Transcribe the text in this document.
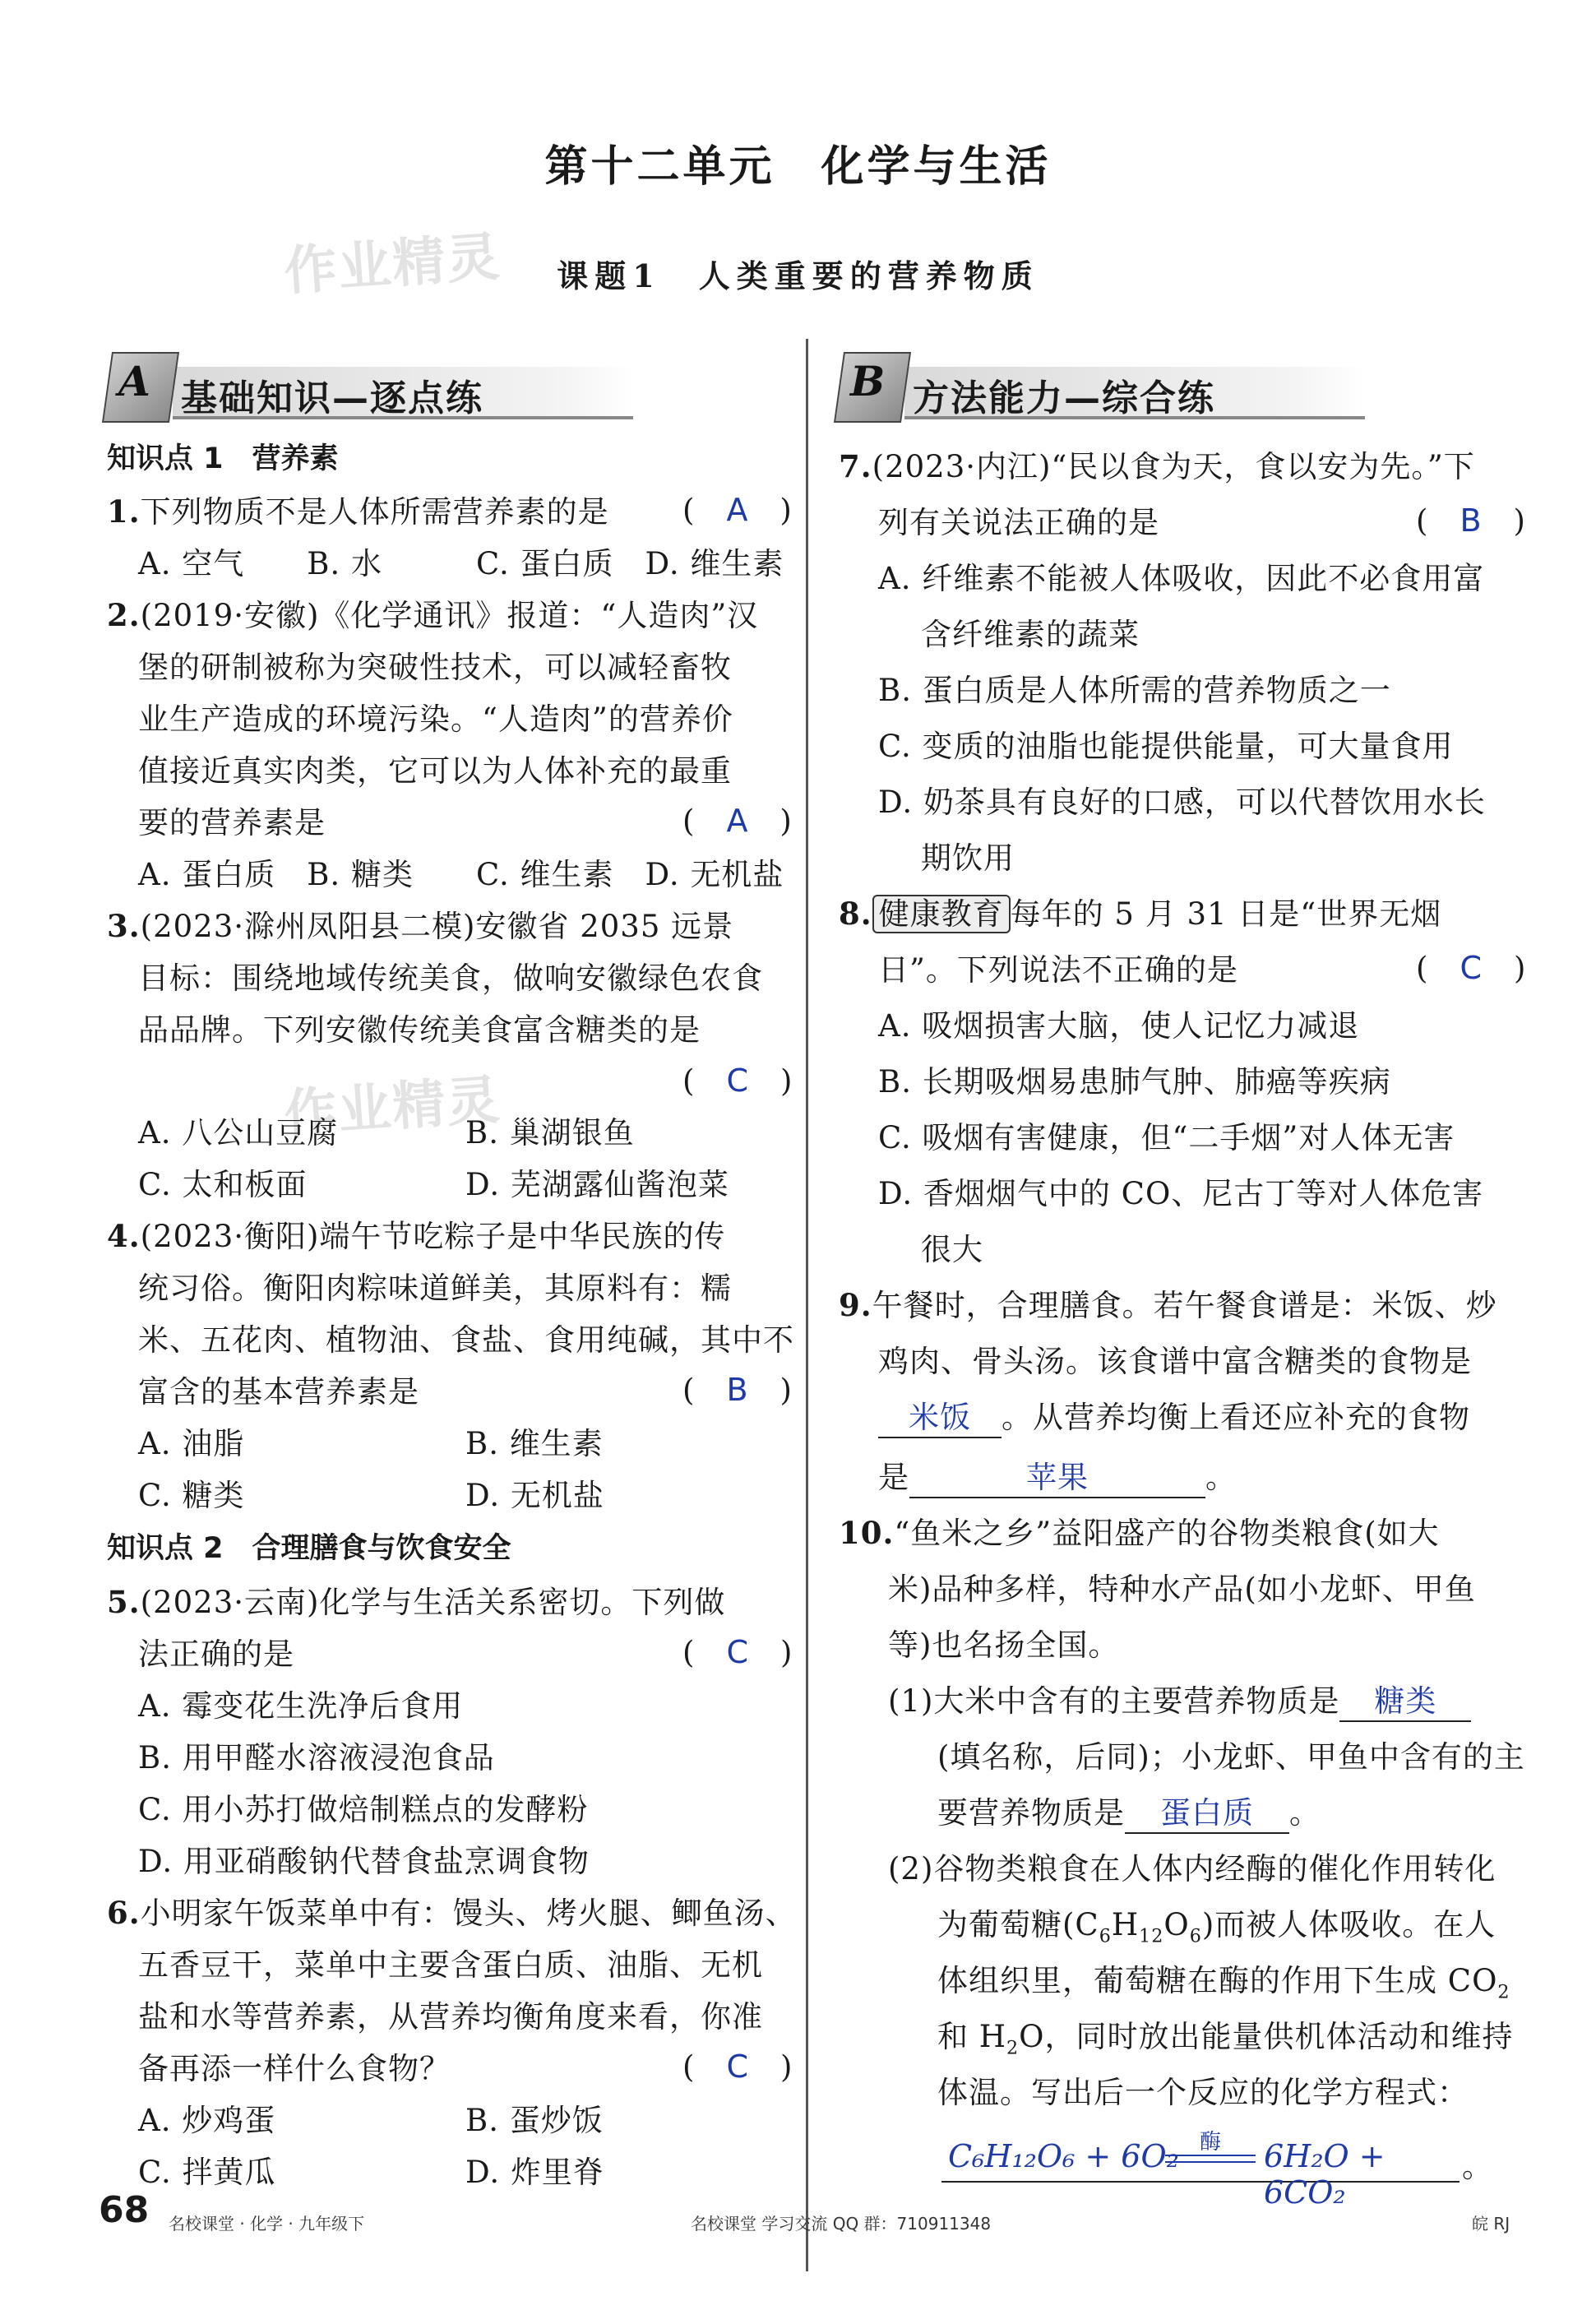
第十二单元　化学与生活
课题1　人类重要的营养物质
作业精灵
作业精灵
A 基础知识—逐点练	B 方法能力—综合练
知识点 1　营养素
1.下列物质不是人体所需营养素的是 (　A　)
A. 空气　　B. 水　　　C. 蛋白质　D. 维生素
2.(2019·安徽)《化学通讯》报道：“人造肉”汉
堡的研制被称为突破性技术，可以减轻畜牧
业生产造成的环境污染。“人造肉”的营养价
值接近真实肉类，它可以为人体补充的最重
要的营养素是	(　A　)
A. 蛋白质　B. 糖类　　C. 维生素　D. 无机盐
3.(2023·滁州凤阳县二模)安徽省 2035 远景
目标：围绕地域传统美食，做响安徽绿色农食
品品牌。下列安徽传统美食富含糖类的是
(　C　)
A. 八公山豆腐	B. 巢湖银鱼
C. 太和板面	D. 芜湖露仙酱泡菜
4.(2023·衡阳)端午节吃粽子是中华民族的传
统习俗。衡阳肉粽味道鲜美，其原料有：糯
米、五花肉、植物油、食盐、食用纯碱，其中不
富含的基本营养素是	(　B　)
A. 油脂	B. 维生素
C. 糖类	D. 无机盐
知识点 2　合理膳食与饮食安全
5.(2023·云南)化学与生活关系密切。下列做
法正确的是	(　C　)
A. 霉变花生洗净后食用
B. 用甲醛水溶液浸泡食品
C. 用小苏打做焙制糕点的发酵粉
D. 用亚硝酸钠代替食盐烹调食物
6.小明家午饭菜单中有：馒头、烤火腿、鲫鱼汤、
五香豆干，菜单中主要含蛋白质、油脂、无机
盐和水等营养素，从营养均衡角度来看，你准
备再添一样什么食物？	(　C　)
A. 炒鸡蛋	B. 蛋炒饭
C. 拌黄瓜	D. 炸里脊
7.(2023·内江)“民以食为天，食以安为先。”下
列有关说法正确的是	(　B　)
A. 纤维素不能被人体吸收，因此不必食用富
含纤维素的蔬菜
B. 蛋白质是人体所需的营养物质之一
C. 变质的油脂也能提供能量，可大量食用
D. 奶茶具有良好的口感，可以代替饮用水长
期饮用
8. 健康教育 每年的 5 月 31 日是“世界无烟
日”。下列说法不正确的是	(　C　)
A. 吸烟损害大脑，使人记忆力减退
B. 长期吸烟易患肺气肿、肺癌等疾病
C. 吸烟有害健康，但“二手烟”对人体无害
D. 香烟烟气中的 CO、尼古丁等对人体危害
很大
9.午餐时，合理膳食。若午餐食谱是：米饭、炒
鸡肉、骨头汤。该食谱中富含糖类的食物是
米饭 。从营养均衡上看还应补充的食物
是	苹果	。
10.“鱼米之乡”益阳盛产的谷物类粮食(如大
米)品种多样，特种水产品(如小龙虾、甲鱼
等)也名扬全国。
(1)大米中含有的主要营养物质是 糖类
(填名称，后同)；小龙虾、甲鱼中含有的主
要营养物质是 蛋白质 。
(2)谷物类粮食在人体内经酶的催化作用转化
为葡萄糖$(C_6H_{12}O_6)$而被人体吸收。在人
体组织里，葡萄糖在酶的作用下生成 $CO_2$
和 $H_2O$，同时放出能量供机体活动和维持
体温。写出后一个反应的化学方程式：
C₆H₁₂O₆ + 6O₂ 酶	6H₂O + 6CO₂
。
68 名校课堂 · 化学 · 九年级下	名校课堂 学习交流 QQ 群：710911348	皖 RJ
